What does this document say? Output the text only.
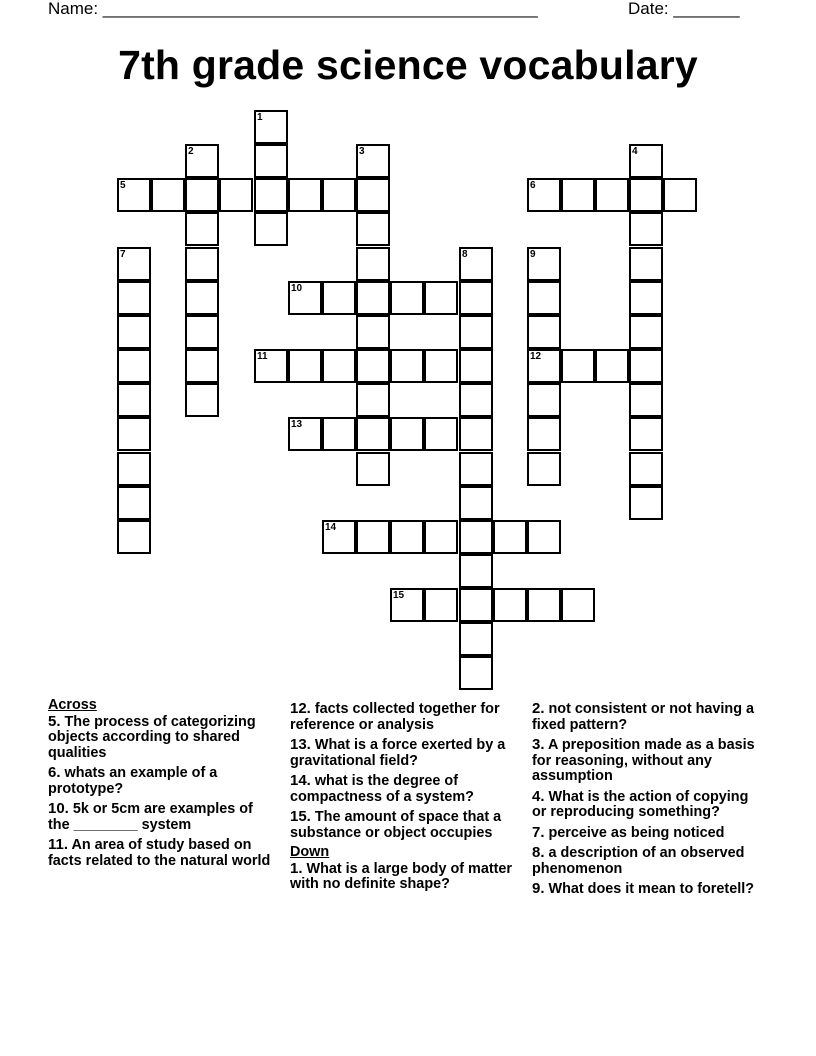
Name: ______________________________________________	Date: _______
7th grade science vocabulary
1
2	3	4
5	6
7	8	9
12
10
11
13
14
15
Across
5. The process of categorizing objects according to shared qualities
6. whats an example of a prototype?
10. 5k or 5cm are examples of the ________ system
11. An area of study based on facts related to the natural world
12. facts collected together for reference or analysis
13. What is a force exerted by a gravitational field?
14. what is the degree of compactness of a system?
15. The amount of space that a substance or object occupies
Down
1. What is a large body of matter with no definite shape?
2. not consistent or not having a fixed pattern?
3. A preposition made as a basis for reasoning, without any assumption
4. What is the action of copying or reproducing something?
7. perceive as being noticed
8. a description of an observed phenomenon
9. What does it mean to foretell?
